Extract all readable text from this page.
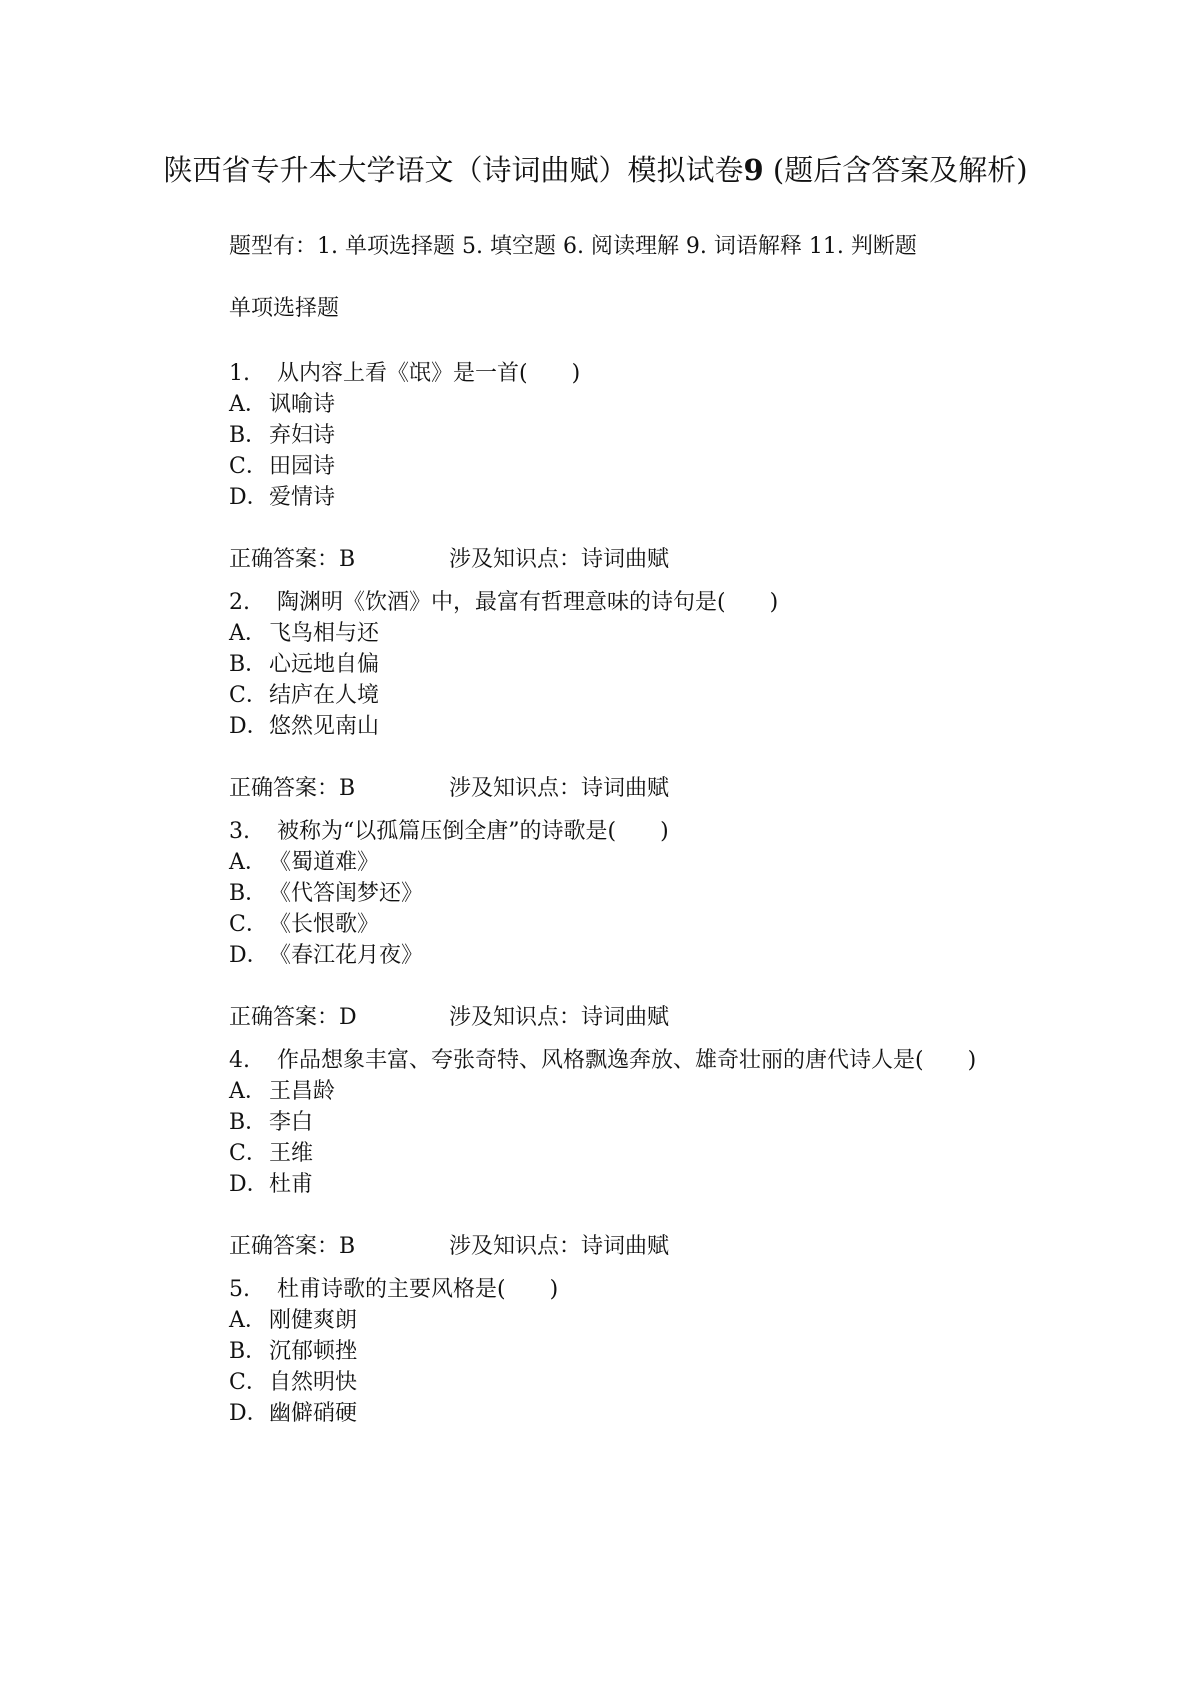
陕西省专升本大学语文（诗词曲赋）模拟试卷9 (题后含答案及解析)
题型有：1. 单项选择题 5. 填空题 6. 阅读理解 9. 词语解释 11. 判断题
单项选择题
1. 从内容上看《氓》是一首(　　)
A．讽喻诗
B．弃妇诗
C．田园诗
D．爱情诗
正确答案：B	涉及知识点：诗词曲赋
2. 陶渊明《饮酒》中，最富有哲理意味的诗句是(　　)
A．飞鸟相与还
B．心远地自偏
C．结庐在人境
D．悠然见南山
正确答案：B	涉及知识点：诗词曲赋
3. 被称为“以孤篇压倒全唐”的诗歌是(　　)
A．《蜀道难》
B．《代答闺梦还》
C．《长恨歌》
D．《春江花月夜》
正确答案：D	涉及知识点：诗词曲赋
4. 作品想象丰富、夸张奇特、风格飘逸奔放、雄奇壮丽的唐代诗人是(　　)
A．王昌龄
B．李白
C．王维
D．杜甫
正确答案：B	涉及知识点：诗词曲赋
5. 杜甫诗歌的主要风格是(　　)
A．刚健爽朗
B．沉郁顿挫
C．自然明快
D．幽僻硝硬
